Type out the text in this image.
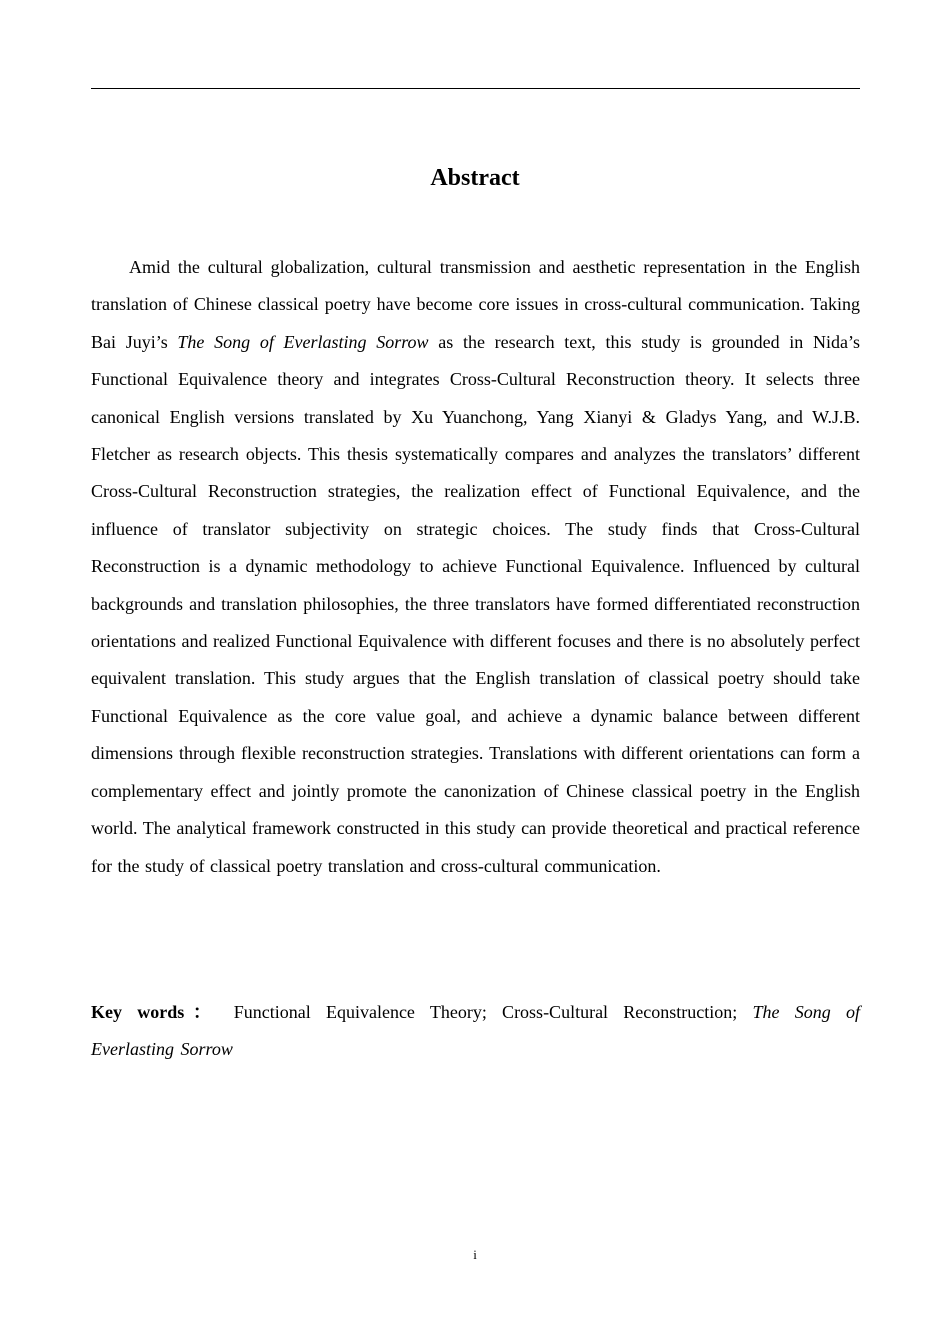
Abstract

Amid the cultural globalization, cultural transmission and aesthetic representation in the English translation of Chinese classical poetry have become core issues in cross-cultural communication. Taking Bai Juyi’s The Song of Everlasting Sorrow as the research text, this study is grounded in Nida’s Functional Equivalence theory and integrates Cross-Cultural Reconstruction theory. It selects three canonical English versions translated by Xu Yuanchong, Yang Xianyi & Gladys Yang, and W.J.B. Fletcher as research objects. This thesis systematically compares and analyzes the translators’ different Cross-Cultural Reconstruction strategies, the realization effect of Functional Equivalence, and the influence of translator subjectivity on strategic choices. The study finds that Cross-Cultural Reconstruction is a dynamic methodology to achieve Functional Equivalence. Influenced by cultural backgrounds and translation philosophies, the three translators have formed differentiated reconstruction orientations and realized Functional Equivalence with different focuses and there is no absolutely perfect equivalent translation. This study argues that the English translation of classical poetry should take Functional Equivalence as the core value goal, and achieve a dynamic balance between different dimensions through flexible reconstruction strategies. Translations with different orientations can form a complementary effect and jointly promote the canonization of Chinese classical poetry in the English world. The analytical framework constructed in this study can provide theoretical and practical reference for the study of classical poetry translation and cross-cultural communication.

Key words： Functional Equivalence Theory; Cross-Cultural Reconstruction; The Song of Everlasting Sorrow

i
